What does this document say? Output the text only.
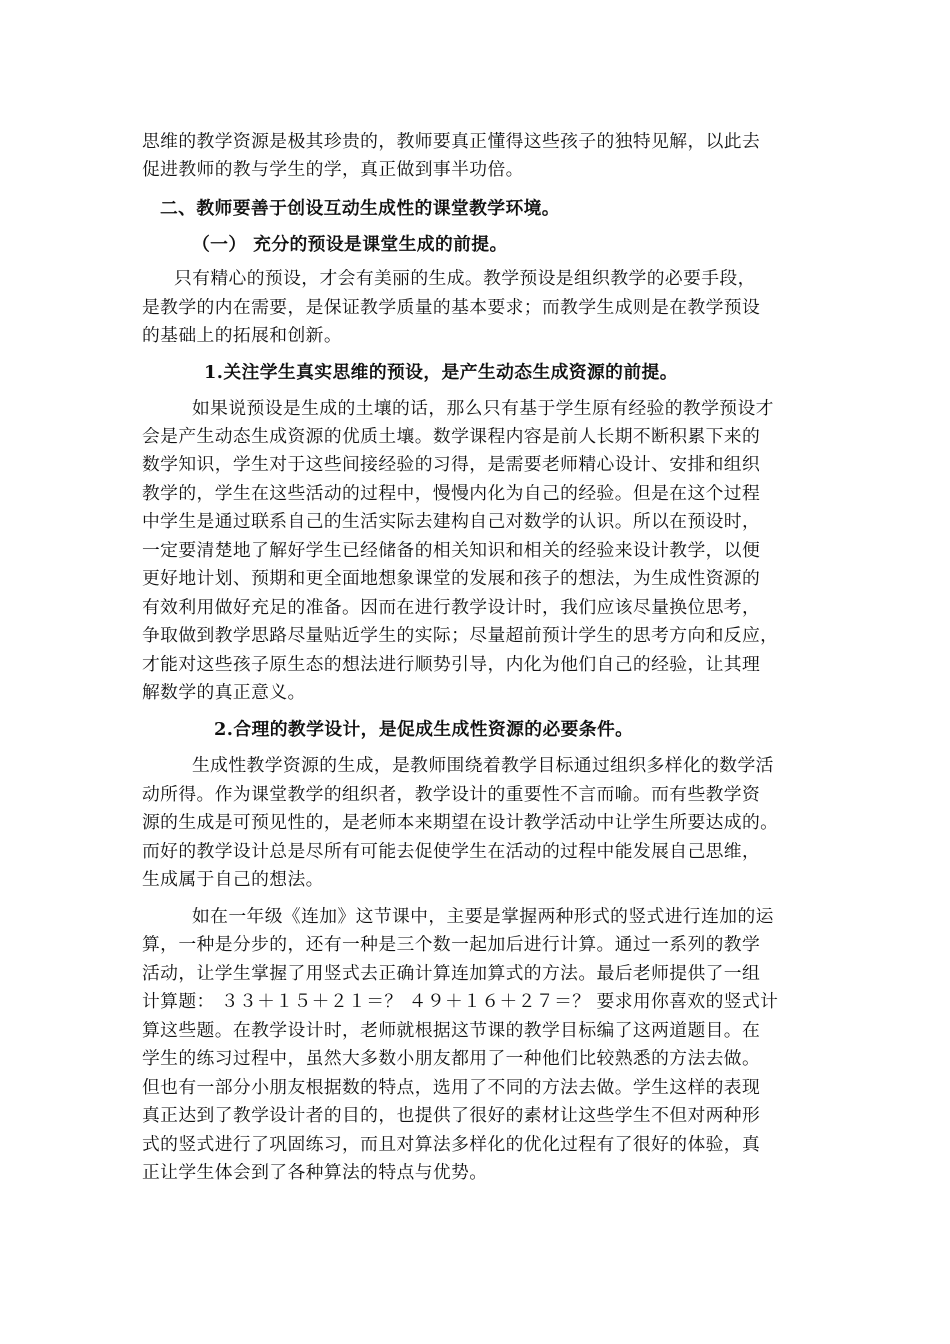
思维的教学资源是极其珍贵的，教师要真正懂得这些孩子的独特见解，以此去
促进教师的教与学生的学，真正做到事半功倍。
二、教师要善于创设互动生成性的课堂教学环境。
（一） 充分的预设是课堂生成的前提。
只有精心的预设，才会有美丽的生成。教学预设是组织教学的必要手段，
是教学的内在需要，是保证教学质量的基本要求；而教学生成则是在教学预设
的基础上的拓展和创新。
1.关注学生真实思维的预设，是产生动态生成资源的前提。
如果说预设是生成的土壤的话，那么只有基于学生原有经验的教学预设才
会是产生动态生成资源的优质土壤。数学课程内容是前人长期不断积累下来的
数学知识，学生对于这些间接经验的习得，是需要老师精心设计、安排和组织
教学的，学生在这些活动的过程中，慢慢内化为自己的经验。但是在这个过程
中学生是通过联系自己的生活实际去建构自己对数学的认识。所以在预设时，
一定要清楚地了解好学生已经储备的相关知识和相关的经验来设计教学，以便
更好地计划、预期和更全面地想象课堂的发展和孩子的想法，为生成性资源的
有效利用做好充足的准备。因而在进行教学设计时，我们应该尽量换位思考，
争取做到教学思路尽量贴近学生的实际；尽量超前预计学生的思考方向和反应，
才能对这些孩子原生态的想法进行顺势引导，内化为他们自己的经验，让其理
解数学的真正意义。
2.合理的教学设计，是促成生成性资源的必要条件。
生成性教学资源的生成，是教师围绕着教学目标通过组织多样化的数学活
动所得。作为课堂教学的组织者，教学设计的重要性不言而喻。而有些教学资
源的生成是可预见性的，是老师本来期望在设计教学活动中让学生所要达成的。
而好的教学设计总是尽所有可能去促使学生在活动的过程中能发展自己思维，
生成属于自己的想法。
如在一年级《连加》这节课中，主要是掌握两种形式的竖式进行连加的运
算，一种是分步的，还有一种是三个数一起加后进行计算。通过一系列的教学
活动，让学生掌握了用竖式去正确计算连加算式的方法。最后老师提供了一组
计算题： ３３＋１５＋２１＝？ ４９＋１６＋２７＝？ 要求用你喜欢的竖式计
算这些题。在教学设计时，老师就根据这节课的教学目标编了这两道题目。在
学生的练习过程中，虽然大多数小朋友都用了一种他们比较熟悉的方法去做。
但也有一部分小朋友根据数的特点，选用了不同的方法去做。学生这样的表现
真正达到了教学设计者的目的，也提供了很好的素材让这些学生不但对两种形
式的竖式进行了巩固练习，而且对算法多样化的优化过程有了很好的体验，真
正让学生体会到了各种算法的特点与优势。
